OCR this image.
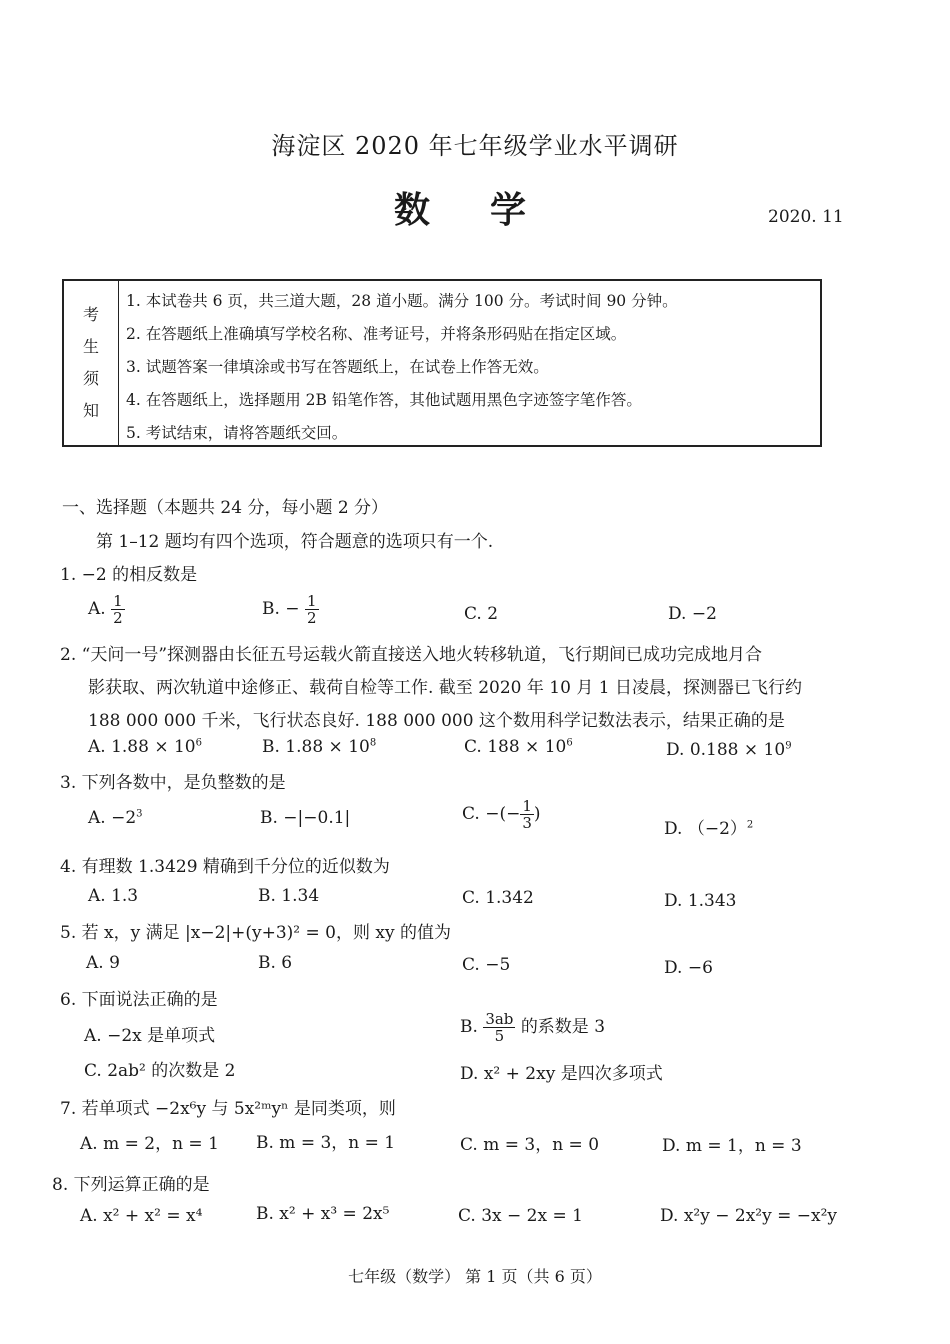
海淀区 2020 年七年级学业水平调研
数学	2020. 11
考
生
须
知
1. 本试卷共 6 页，共三道大题，28 道小题。满分 100 分。考试时间 90 分钟。
2. 在答题纸上准确填写学校名称、准考证号，并将条形码贴在指定区域。
3. 试题答案一律填涂或书写在答题纸上，在试卷上作答无效。
4. 在答题纸上，选择题用 2B 铅笔作答，其他试题用黑色字迹签字笔作答。
5. 考试结束，请将答题纸交回。
一、选择题（本题共 24 分，每小题 2 分）
第 1–12 题均有四个选项，符合题意的选项只有一个.
1. −2 的相反数是
A. $\frac{1}{2}$	B. − $\frac{1}{2}$	C. 2	D. −2
2. “天问一号”探测器由长征五号运载火箭直接送入地火转移轨道，飞行期间已成功完成地月合
影获取、两次轨道中途修正、载荷自检等工作. 截至 2020 年 10 月 1 日凌晨，探测器已飞行约
188 000 000 千米，飞行状态良好. 188 000 000 这个数用科学记数法表示，结果正确的是
A. $1.88 \times 10^6$	B. $1.88 \times 10^8$	C. $188 \times 10^6$	D. $0.188 \times 10^9$
3. 下列各数中，是负整数的是
A. $-2^3$	B. −|−0.1|	C. −(− $\frac{1}{3}$ )
D. $(-2)^2$
4. 有理数 1.3429 精确到千分位的近似数为
A. 1.3	B. 1.34	C. 1.342	D. 1.343
5. 若 x，y 满足 |x−2|+(y+3)² = 0，则 xy 的值为
A. 9	B. 6	C. −5	D. −6
6. 下面说法正确的是
A. −2x 是单项式	B. $\frac{3ab}{5}$ 的系数是 3
C. 2ab² 的次数是 2	D. x² + 2xy 是四次多项式
7. 若单项式 −2x⁶y 与 5x²ᵐyⁿ 是同类项，则
A. m = 2，n = 1 B. m = 3，n = 1	C. m = 3，n = 0	D. m = 1，n = 3
8. 下列运算正确的是
A. x² + x² = x⁴	B. x² + x³ = 2x⁵	C. 3x − 2x = 1	D. x²y − 2x²y = −x²y
七年级（数学） 第 1 页（共 6 页）
